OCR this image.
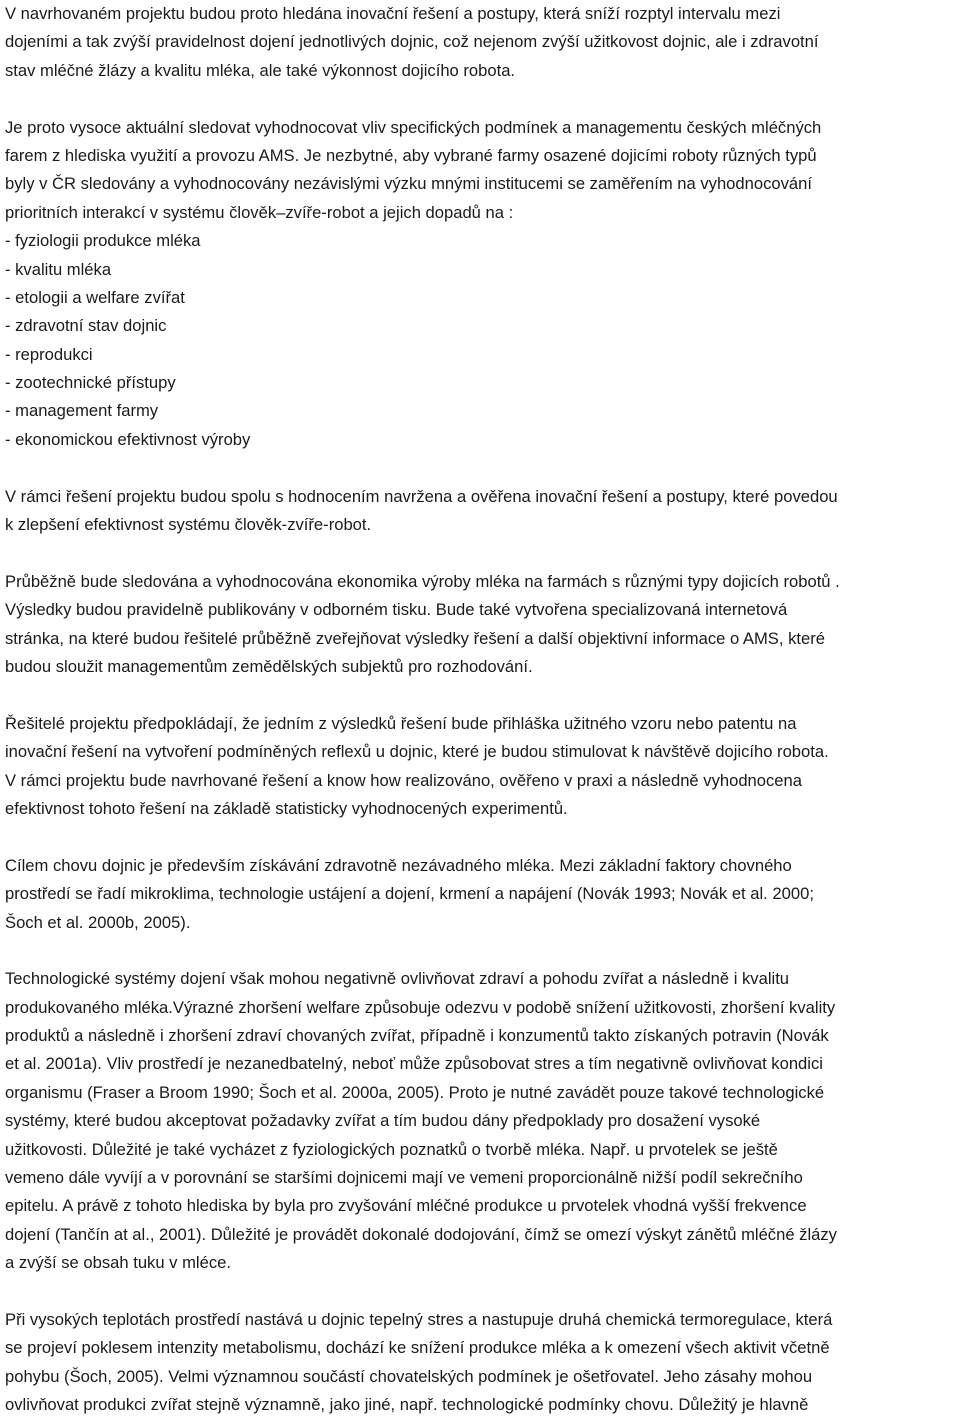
V navrhovaném projektu budou proto hledána inovační řešení a postupy, která sníží rozptyl intervalu mezi
dojeními a tak zvýší pravidelnost dojení jednotlivých dojnic, což nejenom zvýší užitkovost dojnic, ale i zdravotní
stav mléčné žlázy a kvalitu mléka, ale také výkonnost dojicího robota.
Je proto vysoce aktuální sledovat vyhodnocovat vliv specifických podmínek a managementu českých mléčných
farem z hlediska využití a provozu AMS. Je nezbytné, aby vybrané farmy osazené dojicími roboty různých typů
byly v ČR sledovány a vyhodnocovány nezávislými výzku mnými institucemi se zaměřením na vyhodnocování
prioritních interakcí v systému člověk–zvíře-robot a jejich dopadů na :
- fyziologii produkce mléka
- kvalitu mléka
- etologii a welfare zvířat
- zdravotní stav dojnic
- reprodukci
- zootechnické přístupy
- management farmy
- ekonomickou efektivnost výroby
V rámci řešení projektu budou spolu s hodnocením navržena a ověřena inovační řešení a postupy, které povedou
k zlepšení efektivnost systému člověk-zvíře-robot.
Průběžně bude sledována a vyhodnocována ekonomika výroby mléka na farmách s různými typy dojicích robotů .
Výsledky budou pravidelně publikovány v odborném tisku. Bude také vytvořena specializovaná internetová
stránka, na které budou řešitelé průběžně zveřejňovat výsledky řešení a další objektivní informace o AMS, které
budou sloužit managementům zemědělských subjektů pro rozhodování.
Řešitelé projektu předpokládají, že jedním z výsledků řešení bude přihláška užitného vzoru nebo patentu na
inovační řešení na vytvoření podmíněných reflexů u dojnic, které je budou stimulovat k návštěvě dojicího robota.
V rámci projektu bude navrhované řešení a know how realizováno, ověřeno v praxi a následně vyhodnocena
efektivnost tohoto řešení na základě statisticky vyhodnocených experimentů.
Cílem chovu dojnic je především získávání zdravotně nezávadného mléka. Mezi základní faktory chovného
prostředí se řadí mikroklima, technologie ustájení a dojení, krmení a napájení (Novák 1993; Novák et al. 2000;
Šoch et al. 2000b, 2005).
Technologické systémy dojení však mohou negativně ovlivňovat zdraví a pohodu zvířat a následně i kvalitu
produkovaného mléka.Výrazné zhoršení welfare způsobuje odezvu v podobě snížení užitkovosti, zhoršení kvality
produktů a následně i zhoršení zdraví chovaných zvířat, případně i konzumentů takto získaných potravin (Novák
et al. 2001a). Vliv prostředí je nezanedbatelný, neboť může způsobovat stres a tím negativně ovlivňovat kondici
organismu (Fraser a Broom 1990; Šoch et al. 2000a, 2005). Proto je nutné zavádět pouze takové technologické
systémy, které budou akceptovat požadavky zvířat a tím budou dány předpoklady pro dosažení vysoké
užitkovosti. Důležité je také vycházet z fyziologických poznatků o tvorbě mléka. Např. u prvotelek se ještě
vemeno dále vyvíjí a v porovnání se staršími dojnicemi mají ve vemeni proporcionálně nižší podíl sekrečního
epitelu. A právě z tohoto hlediska by byla pro zvyšování mléčné produkce u prvotelek vhodná vyšší frekvence
dojení (Tančín at al., 2001). Důležité je provádět dokonalé dodojování, čímž se omezí výskyt zánětů mléčné žlázy
a zvýší se obsah tuku v mléce.
Při vysokých teplotách prostředí nastává u dojnic tepelný stres a nastupuje druhá chemická termoregulace, která
se projeví poklesem intenzity metabolismu, dochází ke snížení produkce mléka a k omezení všech aktivit včetně
pohybu (Šoch, 2005). Velmi významnou součástí chovatelských podmínek je ošetřovatel. Jeho zásahy mohou
ovlivňovat produkci zvířat stejně významně, jako jiné, např. technologické podmínky chovu. Důležitý je hlavně
